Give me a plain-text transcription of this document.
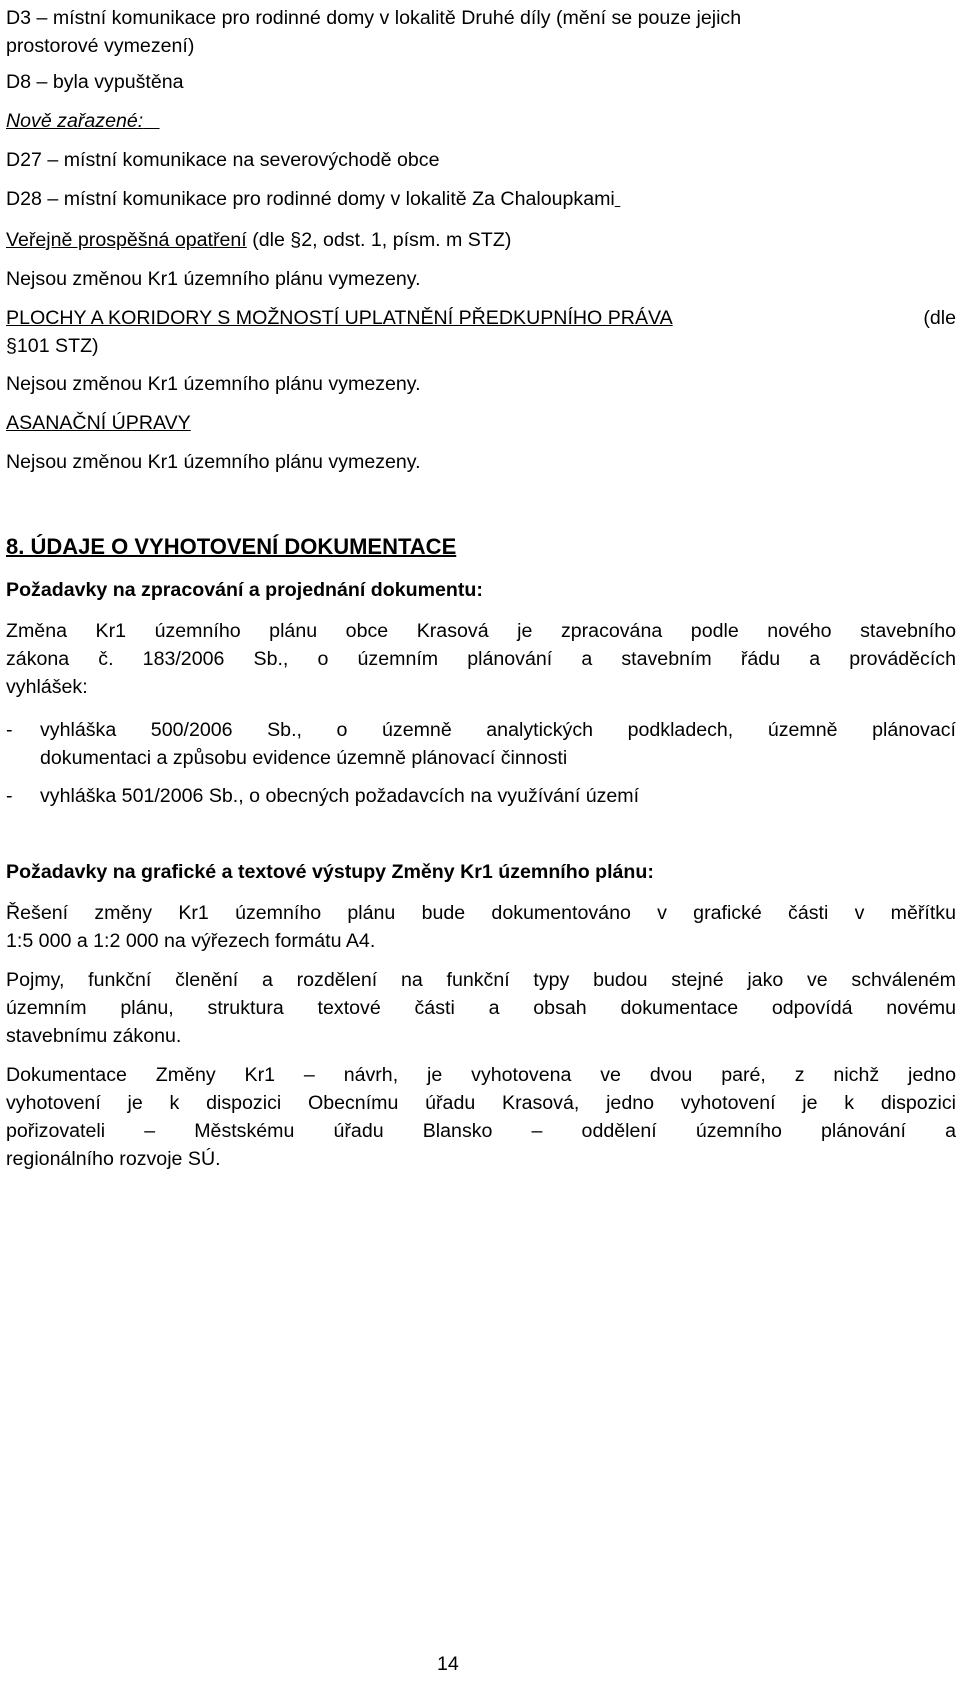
D3 – místní komunikace pro rodinné domy v lokalitě Druhé díly (mění se pouze jejich
prostorové vymezení)
D8 – byla vypuštěna
Nově zařazené:
D27 – místní komunikace na severovýchodě obce
D28 – místní komunikace pro rodinné domy v lokalitě Za Chaloupkami
Veřejně prospěšná opatření (dle §2, odst. 1, písm. m STZ)
Nejsou změnou Kr1 územního plánu vymezeny.
PLOCHY A KORIDORY S MOŽNOSTÍ UPLATNĚNÍ PŘEDKUPNÍHO PRÁVA	(dle
§101 STZ)
Nejsou změnou Kr1 územního plánu vymezeny.
ASANAČNÍ ÚPRAVY
Nejsou změnou Kr1 územního plánu vymezeny.
8. ÚDAJE O VYHOTOVENÍ DOKUMENTACE
Požadavky na zpracování a projednání dokumentu:
Změna Kr1 územního plánu obce Krasová je zpracována podle nového stavebního
zákona č. 183/2006 Sb., o územním plánování a stavebním řádu a prováděcích
vyhlášek:
- vyhláška 500/2006 Sb., o územně analytických podkladech, územně plánovací
dokumentaci a způsobu evidence územně plánovací činnosti
- vyhláška 501/2006 Sb., o obecných požadavcích na využívání území
Požadavky na grafické a textové výstupy Změny Kr1 územního plánu:
Řešení změny Kr1 územního plánu bude dokumentováno v grafické části v měřítku
1:5 000 a 1:2 000 na výřezech formátu A4.
Pojmy, funkční členění a rozdělení na funkční typy budou stejné jako ve schváleném
územním plánu, struktura textové části a obsah dokumentace odpovídá novému
stavebnímu zákonu.
Dokumentace Změny Kr1 – návrh, je vyhotovena ve dvou paré, z nichž jedno
vyhotovení je k dispozici Obecnímu úřadu Krasová, jedno vyhotovení je k dispozici
pořizovateli – Městskému úřadu Blansko – oddělení územního plánování a
regionálního rozvoje SÚ.
14
